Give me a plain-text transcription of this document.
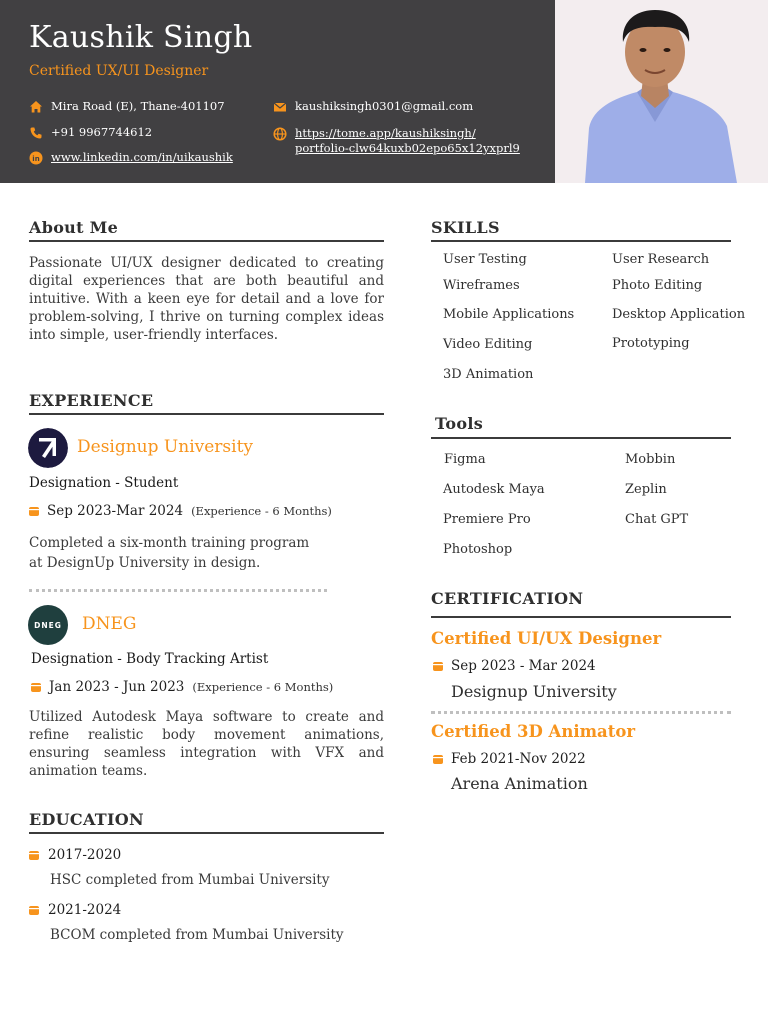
Kaushik Singh
Certified UX/UI Designer
Mira Road (E), Thane-401107
+91 9967744612
in www.linkedin.com/in/uikaushik
kaushiksingh0301@gmail.com
https://tome.app/kaushiksingh/
portfolio-clw64kuxb02epo65x12yxprl9
About Me
Passionate UI/UX designer dedicated to creating digital experiences that are both beautiful and intuitive. With a keen eye for detail and a love for problem-solving, I thrive on turning complex ideas into simple, user-friendly interfaces.
EXPERIENCE
Designup University
Designation - Student
Sep 2023-Mar 2024 (Experience - 6 Months)
Completed a six-month training program
at DesignUp University in design.
DNEG DNEG
Designation - Body Tracking Artist
Jan 2023 - Jun 2023 (Experience - 6 Months)
Utilized Autodesk Maya software to create and refine realistic body movement animations, ensuring seamless integration with VFX and animation teams.
EDUCATION
2017-2020
HSC completed from Mumbai University
2021-2024
BCOM completed from Mumbai University
SKILLS
User Testing
Wireframes
Mobile Applications
Video Editing
3D Animation
User Research
Photo Editing
Desktop Application
Prototyping
Tools
Figma
Autodesk Maya
Premiere Pro
Photoshop
Mobbin
Zeplin
Chat GPT
CERTIFICATION
Certified UI/UX Designer
Sep 2023 - Mar 2024
Designup University
Certified 3D Animator
Feb 2021-Nov 2022
Arena Animation
